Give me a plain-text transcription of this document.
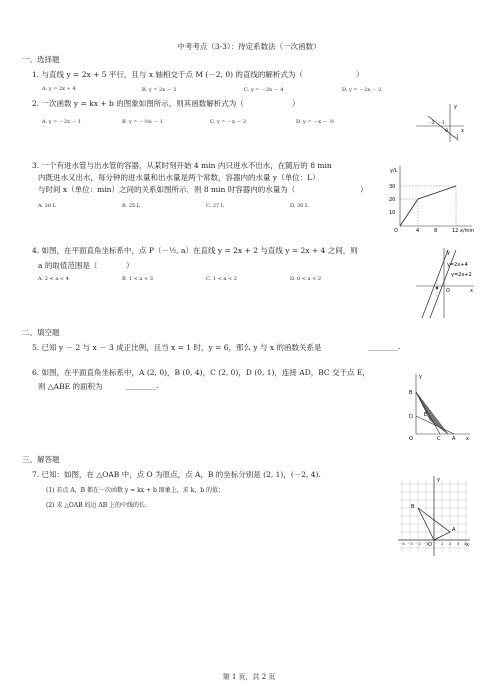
中考考点（3-3）：待定系数法（一次函数）
一、选择题
1. 与直线 y = 2x + 5 平行，且与 x 轴相交于点 M (－2, 0) 的直线的解析式为（	）
A. y = 2x + 4	B. y = 2x － 2	C. y = －2x － 4	D. y = －2x － 2
2. 一次函数 y = kx + b 的图象如图所示，则其函数解析式为（	）
A. y = －2x － 1	B. y = －½x － 1	C. y = －x － 2	D. y = －x － ½
y
x
－2 －1
O
－1
3. 一个有进水管与出水管的容器，从某时刻开始 4 min 内只进水不出水，在随后的 8 min
内既进水又出水，每分钟的进水量和出水量是两个常数，容器内的水量 y（单位：L）
与时间 x（单位：min）之间的关系如图所示．则 8 min 时容器内的水量为（	）
A. 20 L	B. 25 L	C. 27 L	D. 30 L
y/L
x/min
30
20
10
O	4	8	12
4. 如图，在平面直角坐标系中，点 P（－½, a）在直线 y = 2x + 2 与直线 y = 2x + 4 之间，则
a 的取值范围是（	）
A. 2 < a < 4	B. 1 < a < 3	C. 1 < a < 2	D. 0 < a < 2
y
x
O
y=2x+4
y=2x+2
二、填空题
5. 已知 y － 2 与 x － 3 成正比例，且当 x = 1 时，y = 6，那么 y 与 x 的函数关系是	________.
6. 如图，在平面直角坐标系中，A (2, 0)，B (0, 4)，C (2, 0)，D (0, 1)，连接 AD，BC 交于点 E，
则 △ABE 的面积为	________.
y
B
E
D
O	C A x
三、解答题
7. 已知：如图，在 △OAB 中，点 O 为原点，点 A，B 的坐标分别是 (2, 1)，(－2, 4).
(1) 若点 A，B 都在一次函数 y = kx + b 图象上，求 k，b 的值；
(2) 求 △OAB 的边 AB 上的中线的长.
y
B
A
O	x
－4 －3 －2 －1	1 2 3 4
第 1 页，共 2 页
